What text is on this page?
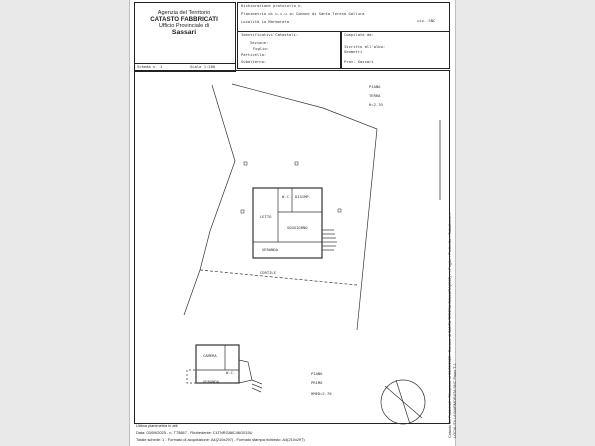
Agenzia del Territorio
CATASTO FABBRICATI
Ufficio Provinciale di
Sassari
Dichiarazione protocollo n.
Planimetria di u.i.u.in Comune di Santa Teresa Gallura
civ. SNC
Località La Marmorata
Identificativi Catastali:
Sezione:
Foglio:
Particella:
Subalterno:
Compilata da:
Iscritto all'albo:
Geometri
Prov. Sassari
Scheda n. 1	Scala 1:200
PIANO
TERRA
H=2.70
W.C. DISIMP.
LETTO
SOGGIORNO
VERANDA
CORTILE
CAMERA
W.C.
VERANDA
PIANO
PRIMO
HMED=2.70
Ultima planimetria in atti
Data: 03/09/2025 - n. T75887 - Richiedente: CLTNRG88C46G015U
Totale schede: 1 - Formato di acquisizione: A4(210x297) - Formato stampa richiesto: A4(210x297)
Catasto dei Fabbricati - Situazione al 03/09/2025 - Comune di SANTA TERESA GALLURA(I312) - < Foglio: - Particella: - Subalterno: > LOCALITA LA MARMORATA SNC Piano T-1
